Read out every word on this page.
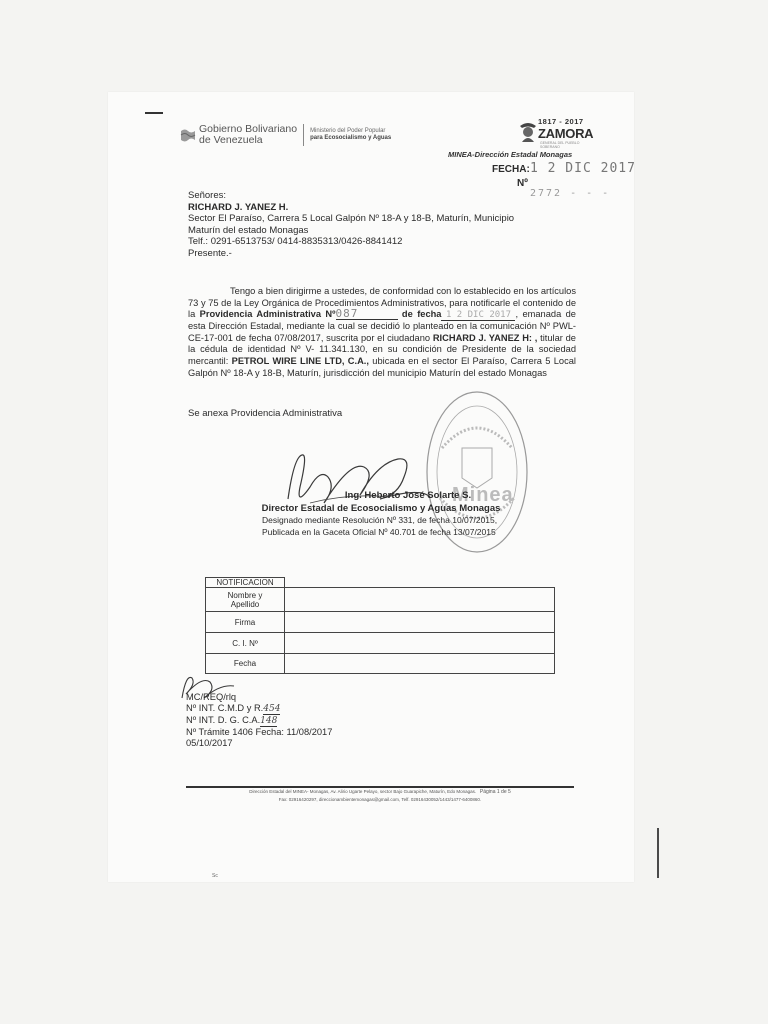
Sc
Gobierno Bolivariano
de Venezuela
Ministerio del Poder Popular
para Ecosocialismo y Aguas
1817 - 2017
ZAMORA
GENERAL DEL PUEBLO SOBERANO
MINEA-Dirección Estadal Monagas
FECHA: 1 2 DIC 2017
Nº
2772 - - -
Señores:
RICHARD J. YANEZ H.
Sector El Paraíso, Carrera 5 Local Galpón Nº 18-A y 18-B, Maturín, Municipio
Maturín del estado Monagas
Telf.: 0291-6513753/ 0414-8835313/0426-8841412
Presente.-
Tengo a bien dirigirme a ustedes, de conformidad con lo establecido en los artículos 73 y 75 de la Ley Orgánica de Procedimientos Administrativos, para notificarle el contenido de la Providencia Administrativa Nº087	de fecha 1 2 DIC 2017 , emanada de esta Dirección Estadal, mediante la cual se decidió lo planteado en la comunicación Nº PWL-CE-17-001 de fecha 07/08/2017, suscrita por el ciudadano RICHARD J. YANEZ H: , titular de la cédula de identidad Nº V- 11.341.130, en su condición de Presidente de la sociedad mercantil: PETROL WIRE LINE LTD, C.A., ubicada en el sector El Paraíso, Carrera 5 Local Galpón Nº 18-A y 18-B, Maturín, jurisdicción del municipio Maturín del estado Monagas
Se anexa Providencia Administrativa
Minea
Ing. Heberto José Solarte S.
Director Estadal de Ecosocialismo y Aguas Monagas
Designado mediante Resolución Nº 331, de fecha 10/07/2015,
Publicada en la Gaceta Oficial Nº 40.701 de fecha 13/07/2015
NOTIFICACION	
Nombre y
Apellido	
Firma	
C. I. Nº	
Fecha	
MC/REQ/rlq
Nº INT. C.M.D y R.454
Nº INT. D. G. C.A.148
Nº Trámite 1406 Fecha: 11/08/2017
05/10/2017
Dirección Estadal del MINEA- Monagas, Av. Alirio Ugarte Pelayo, sector Bajo Guarapiche, Maturín, Edo Monagas. Página 1 de 5
Fax: 02916420297, direccionambientemonagas@gmail.com, Telf. 02916430052/1443/1477-6400860.
